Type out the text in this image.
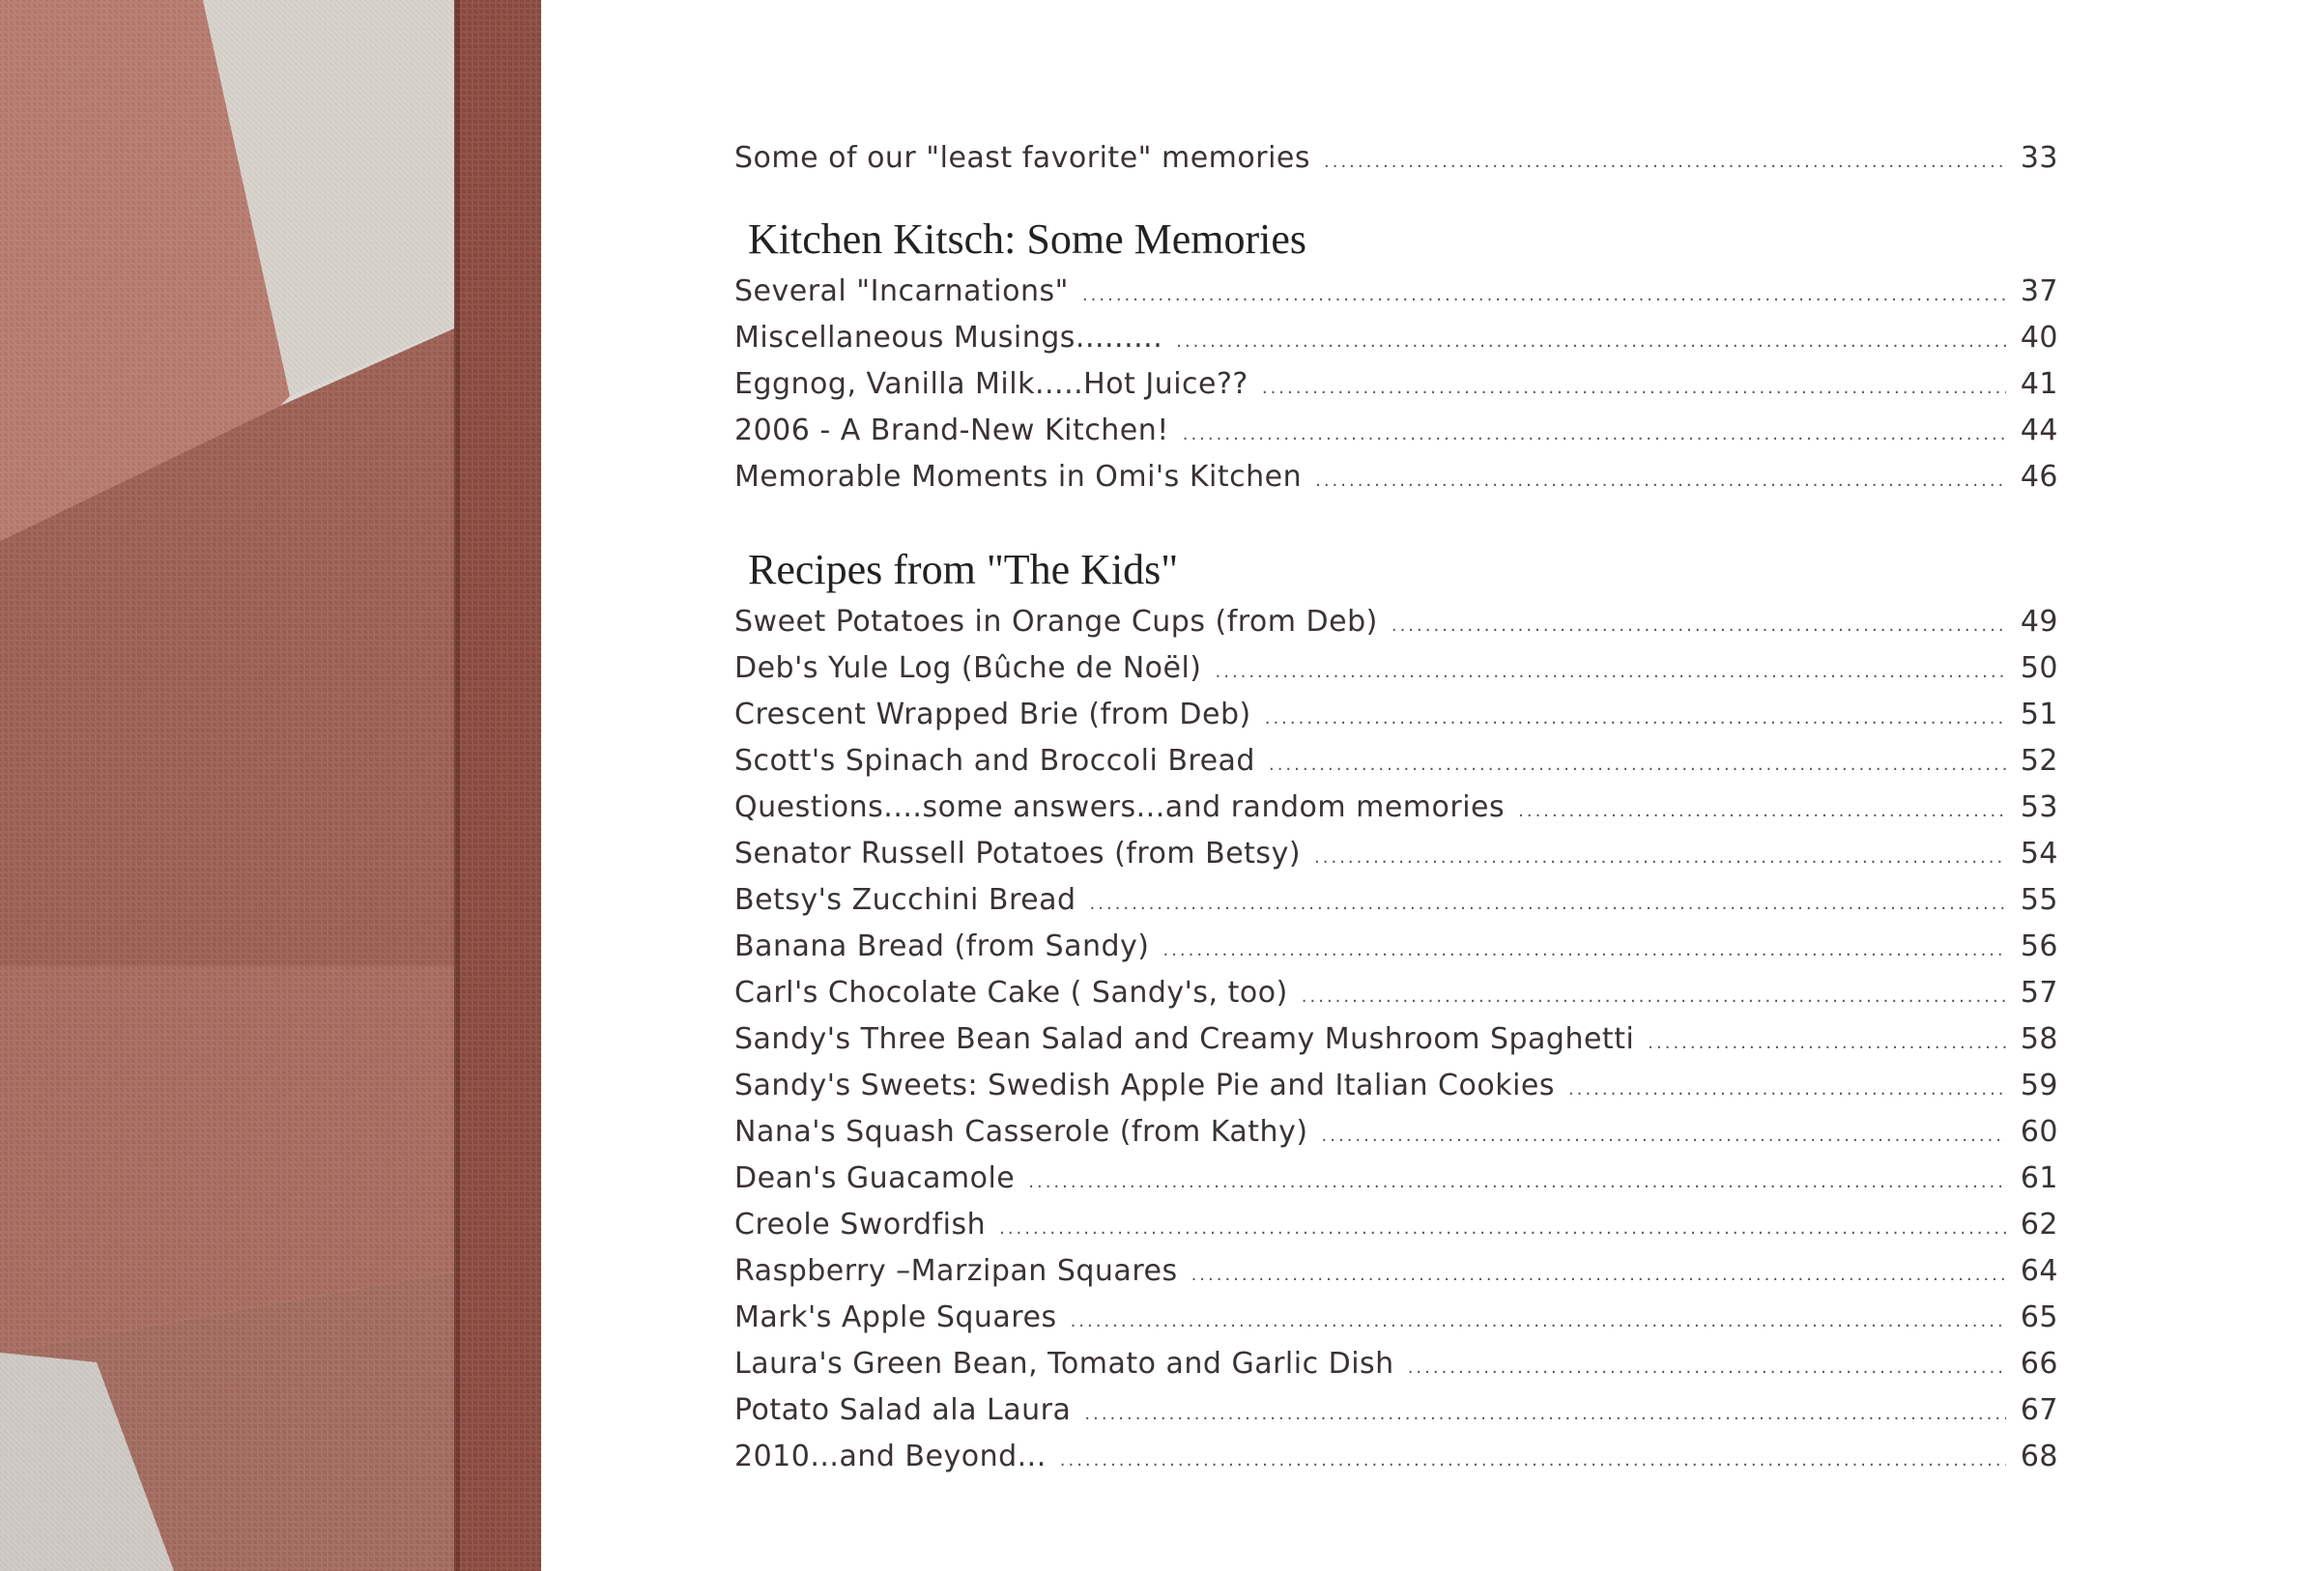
Some of our "least favorite" memories .....	33
Kitchen Kitsch: Some Memories
Several "Incarnations" .....	37
Miscellaneous Musings......... .....	40
Eggnog, Vanilla Milk.....Hot Juice?? .....	41
2006 - A Brand-New Kitchen! .....	44
Memorable Moments in Omi's Kitchen .....	46
Recipes from "The Kids"
Sweet Potatoes in Orange Cups (from Deb) .....	49
Deb's Yule Log (Bûche de Noël) .....	50
Crescent Wrapped Brie (from Deb) .....	51
Scott's Spinach and Broccoli Bread .....	52
Questions....some answers...and random memories .....	53
Senator Russell Potatoes (from Betsy) .....	54
Betsy's Zucchini Bread .....	55
Banana Bread (from Sandy) .....	56
Carl's Chocolate Cake ( Sandy's, too) .....	57
Sandy's Three Bean Salad and Creamy Mushroom Spaghetti .....	58
Sandy's Sweets: Swedish Apple Pie and Italian Cookies .....	59
Nana's Squash Casserole (from Kathy) .....	60
Dean's Guacamole .....	61
Creole Swordfish .....	62
Raspberry –Marzipan Squares .....	64
Mark's Apple Squares .....	65
Laura's Green Bean, Tomato and Garlic Dish .....	66
Potato Salad ala Laura .....	67
2010...and Beyond... .....	68
